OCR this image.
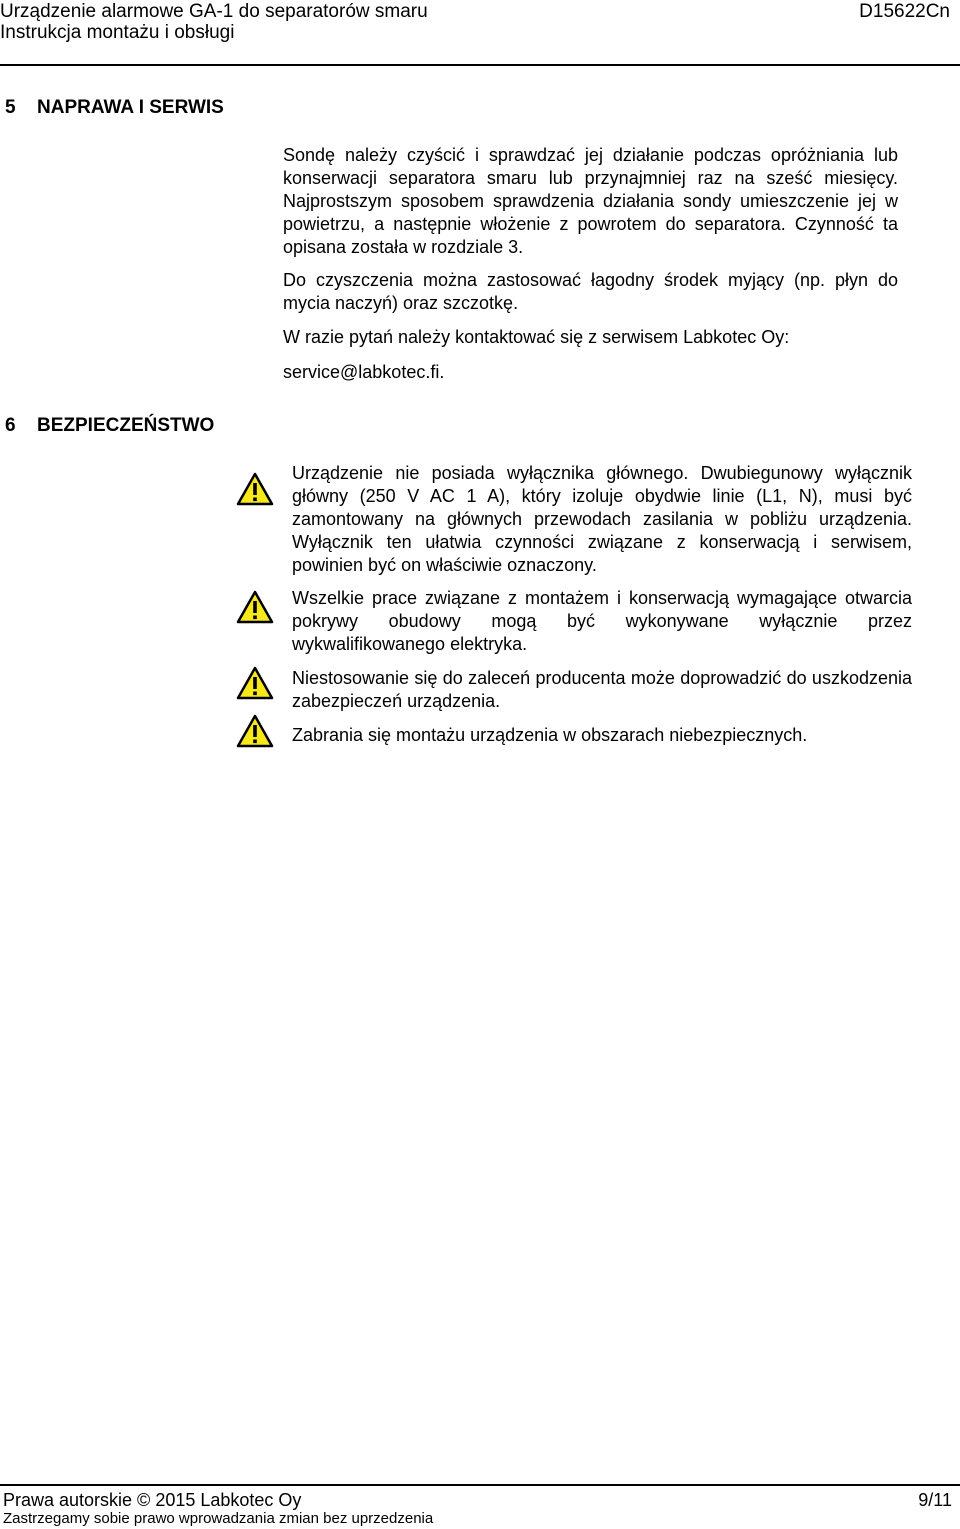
Urządzenie alarmowe GA-1 do separatorów smaru
Instrukcja montażu i obsługi
D15622Cn
5 NAPRAWA I SERWIS

Sondę należy czyścić i sprawdzać jej działanie podczas opróżniania lub konserwacji separatora smaru lub przynajmniej raz na sześć miesięcy. Najprostszym sposobem sprawdzenia działania sondy umieszczenie jej w powietrzu, a następnie włożenie z powrotem do separatora. Czynność ta opisana została w rozdziale 3.

Do czyszczenia można zastosować łagodny środek myjący (np. płyn do mycia naczyń) oraz szczotkę.

W razie pytań należy kontaktować się z serwisem Labkotec Oy:

service@labkotec.fi.

6 BEZPIECZEŃSTWO

Urządzenie nie posiada wyłącznika głównego. Dwubiegunowy wyłącznik główny (250 V AC 1 A), który izoluje obydwie linie (L1, N), musi być zamontowany na głównych przewodach zasilania w pobliżu urządzenia. Wyłącznik ten ułatwia czynności związane z konserwacją i serwisem, powinien być on właściwie oznaczony.

Wszelkie prace związane z montażem i konserwacją wymagające otwarcia pokrywy obudowy mogą być wykonywane wyłącznie przez wykwalifikowanego elektryka.

Niestosowanie się do zaleceń producenta może doprowadzić do uszkodzenia zabezpieczeń urządzenia.

Zabrania się montażu urządzenia w obszarach niebezpiecznych.

Prawa autorskie © 2015 Labkotec Oy	9/11
Zastrzegamy sobie prawo wprowadzania zmian bez uprzedzenia
